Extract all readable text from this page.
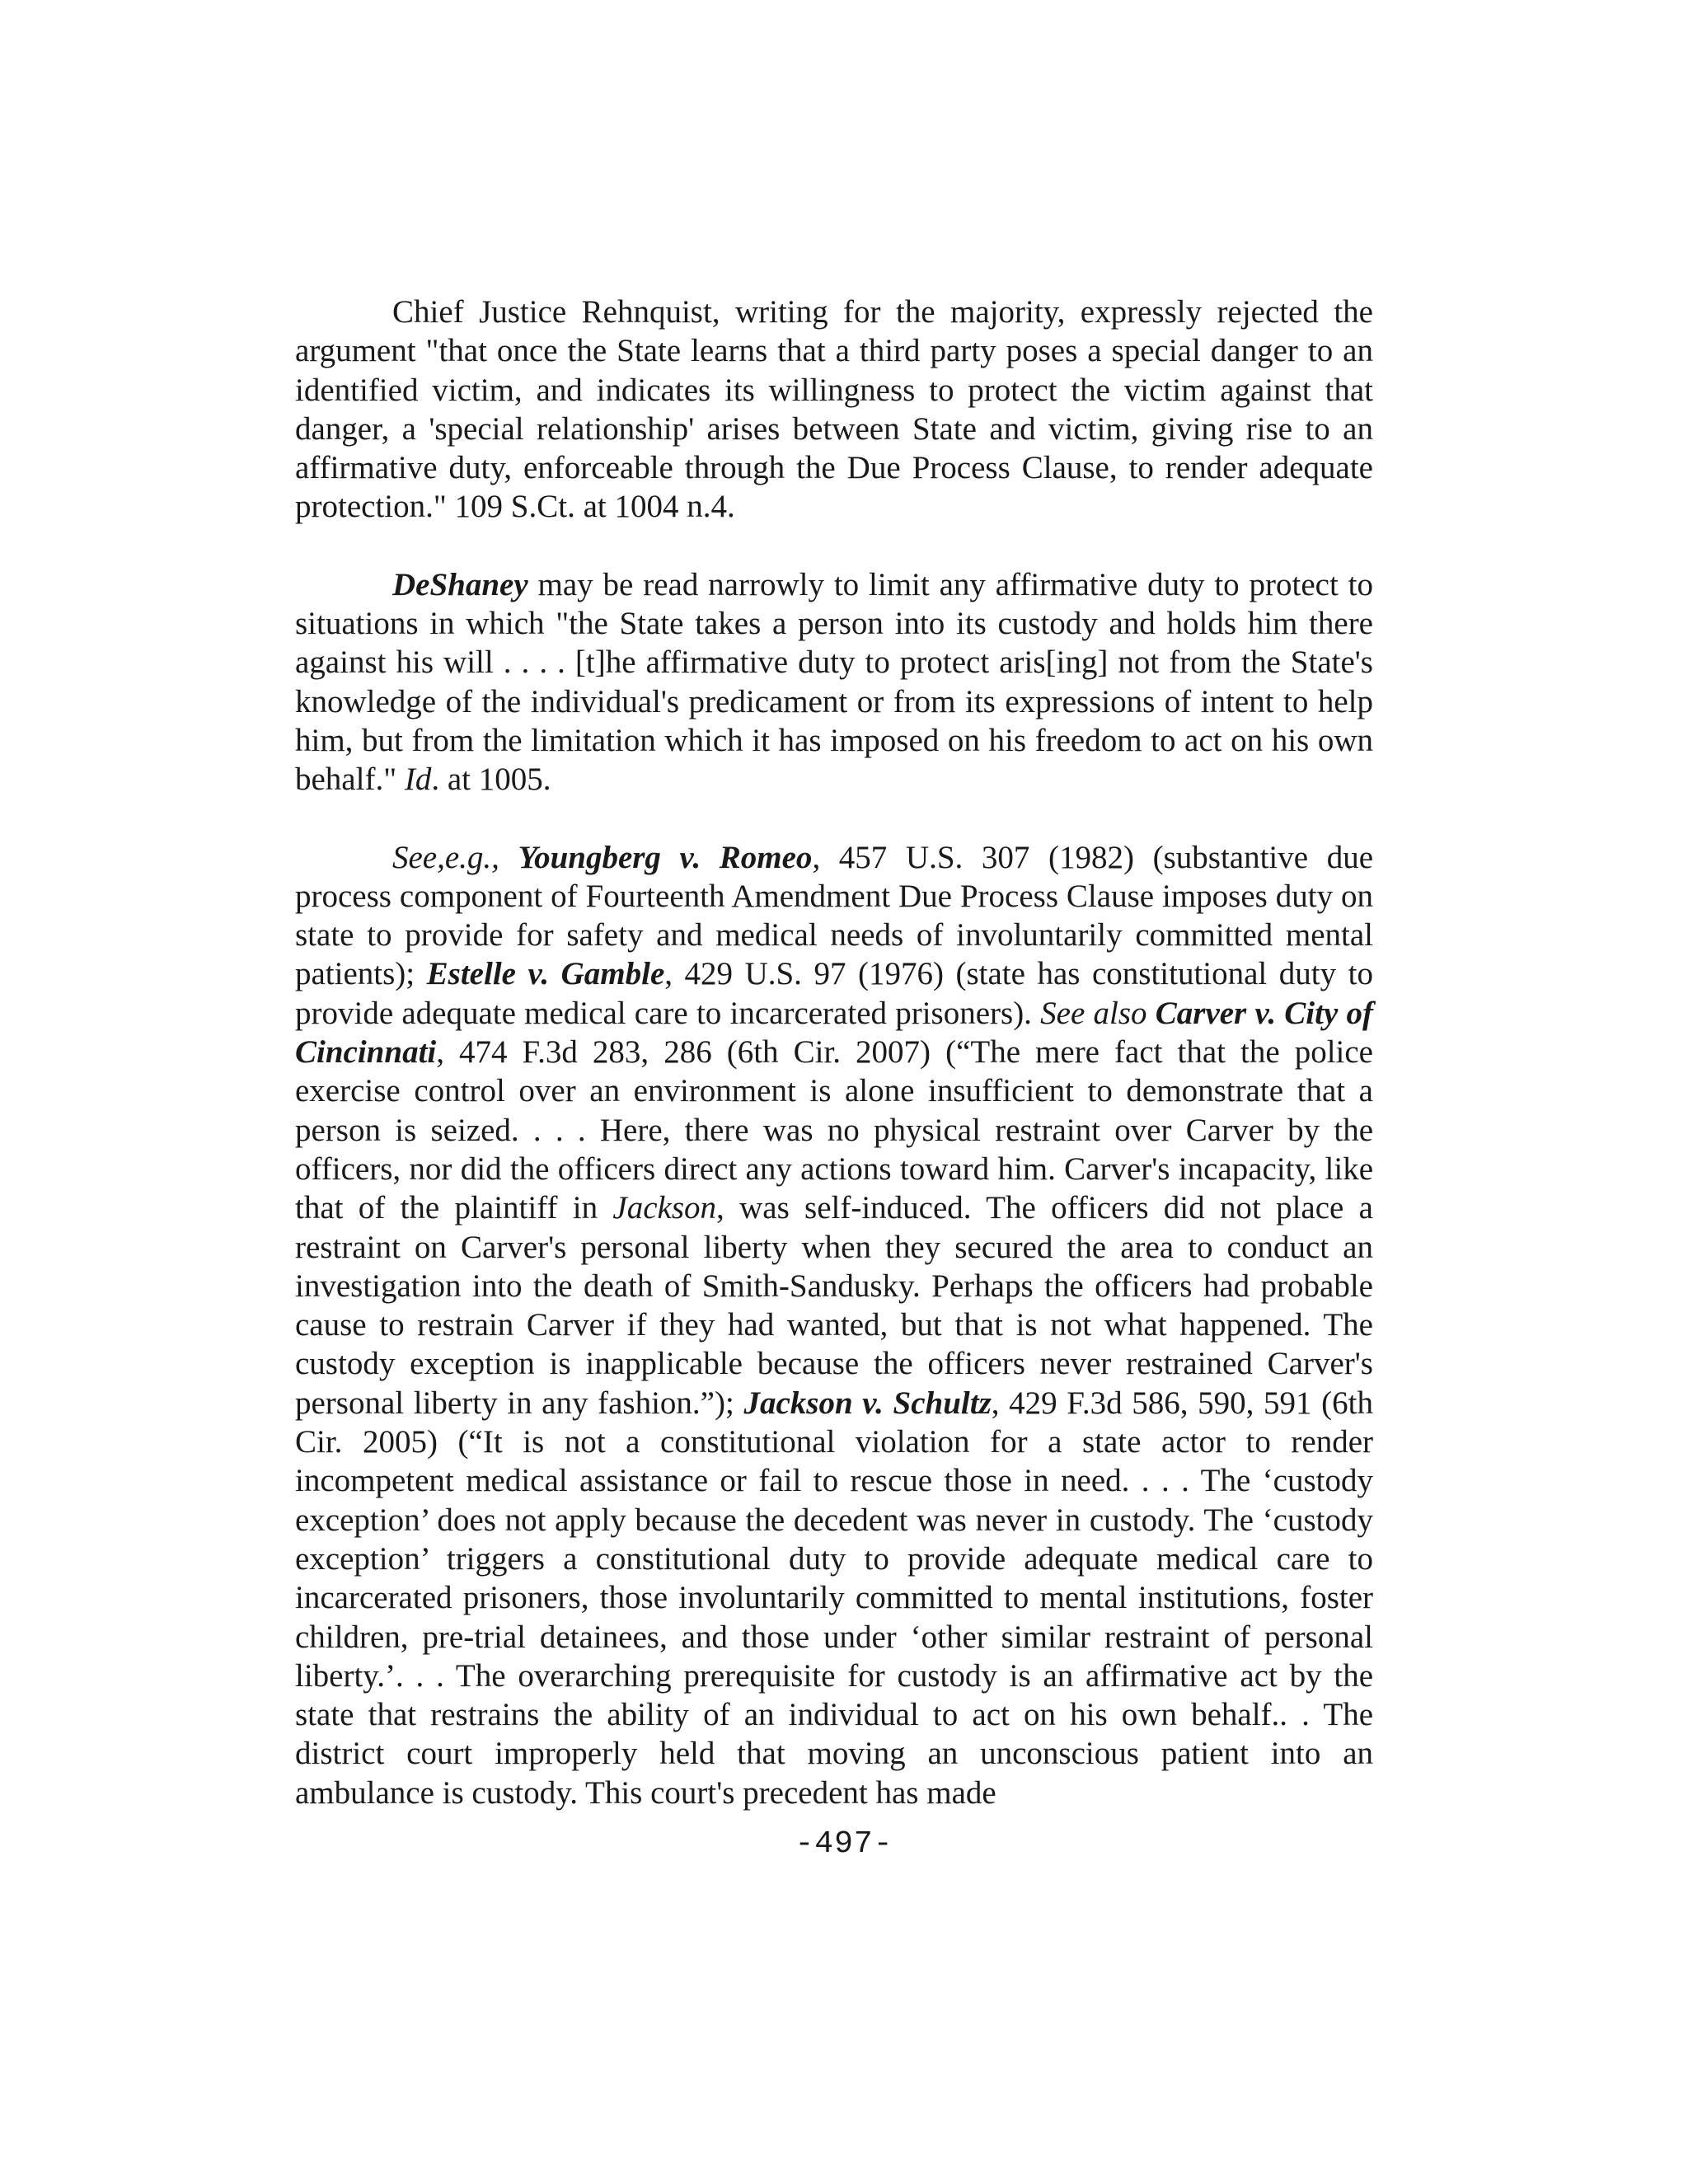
Chief Justice Rehnquist, writing for the majority, expressly rejected the argument "that once the State learns that a third party poses a special danger to an identified victim, and indicates its willingness to protect the victim against that danger, a 'special relationship' arises between State and victim, giving rise to an affirmative duty, enforceable through the Due Process Clause, to render adequate protection." 109 S.Ct. at 1004 n.4.

DeShaney may be read narrowly to limit any affirmative duty to protect to situations in which "the State takes a person into its custody and holds him there against his will . . . . [t]he affirmative duty to protect aris[ing] not from the State's knowledge of the individual's predicament or from its expressions of intent to help him, but from the limitation which it has imposed on his freedom to act on his own behalf." Id. at 1005.

See,e.g., Youngberg v. Romeo, 457 U.S. 307 (1982) (substantive due process component of Fourteenth Amendment Due Process Clause imposes duty on state to provide for safety and medical needs of involuntarily committed mental patients); Estelle v. Gamble, 429 U.S. 97 (1976) (state has constitutional duty to provide adequate medical care to incarcerated prisoners). See also Carver v. City of Cincinnati, 474 F.3d 283, 286 (6th Cir. 2007) (“The mere fact that the police exercise control over an environment is alone insufficient to demonstrate that a person is seized. . . . Here, there was no physical restraint over Carver by the officers, nor did the officers direct any actions toward him. Carver's incapacity, like that of the plaintiff in Jackson, was self-induced. The officers did not place a restraint on Carver's personal liberty when they secured the area to conduct an investigation into the death of Smith-Sandusky. Perhaps the officers had probable cause to restrain Carver if they had wanted, but that is not what happened. The custody exception is inapplicable because the officers never restrained Carver's personal liberty in any fashion.”); Jackson v. Schultz, 429 F.3d 586, 590, 591 (6th Cir. 2005) (“It is not a constitutional violation for a state actor to render incompetent medical assistance or fail to rescue those in need. . . . The ‘custody exception’ does not apply because the decedent was never in custody. The ‘custody exception’ triggers a constitutional duty to provide adequate medical care to incarcerated prisoners, those involuntarily committed to mental institutions, foster children, pre-trial detainees, and those under ‘other similar restraint of personal liberty.’. . . The overarching prerequisite for custody is an affirmative act by the state that restrains the ability of an individual to act on his own behalf.. . The district court improperly held that moving an unconscious patient into an ambulance is custody. This court's precedent has made

-497-
